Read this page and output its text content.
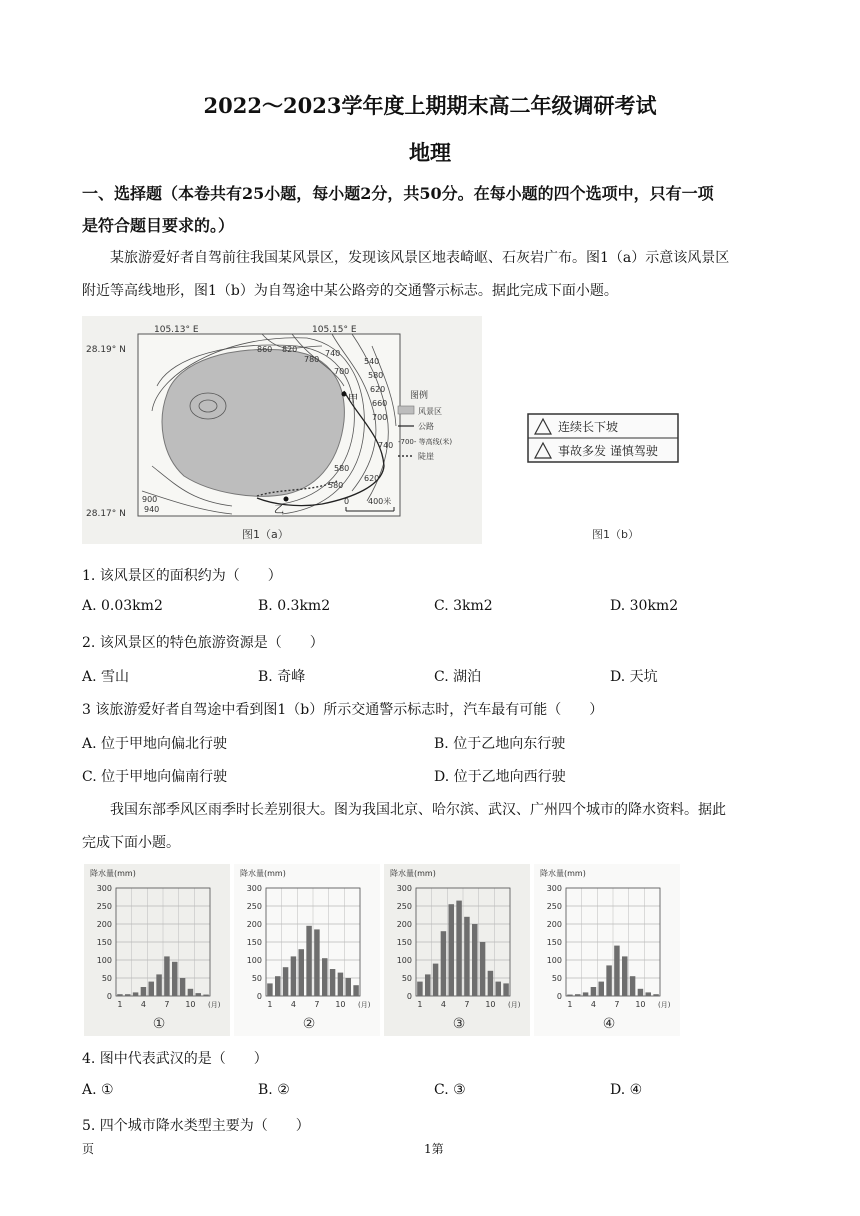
2022～2023学年度上期期末高二年级调研考试
地理
一、选择题（本卷共有25小题，每小题2分，共50分。在每小题的四个选项中，只有一项
是符合题目要求的。）
某旅游爱好者自驾前往我国某风景区，发现该风景区地表崎岖、石灰岩广布。图1（a）示意该风景区
附近等高线地形，图1（b）为自驾途中某公路旁的交通警示标志。据此完成下面小题。
860 820
780
740
700
540
580
620
660
700
740
620
580
580
900
940
甲
乙
105.13° E	105.15° E
28.19° N
28.17° N
图例
风景区
公路
-700- 等高线(米)
陡崖
0 400米
图1（a）
连续长下坡
事故多发 谨慎驾驶
图1（b）
1. 该风景区的面积约为（　　）
A. 0.03km2	B. 0.3km2	C. 3km2	D. 30km2
2. 该风景区的特色旅游资源是（　　）
A. 雪山	B. 奇峰	C. 湖泊	D. 天坑
3 该旅游爱好者自驾途中看到图1（b）所示交通警示标志时，汽车最有可能（　　）
A. 位于甲地向偏北行驶	B. 位于乙地向东行驶
C. 位于甲地向偏南行驶	D. 位于乙地向西行驶
我国东部季风区雨季时长差别很大。图为我国北京、哈尔滨、武汉、广州四个城市的降水资料。据此
完成下面小题。
降水量(mm)
0
50
100
150
200
250
300
1 4 7 10 (月)
①
降水量(mm)
0
50
100
150
200
250
300
1 4 7 10 (月)
②
降水量(mm)
0
50
100
150
200
250
300
1 4 7 10 (月)
③
降水量(mm)
0
50
100
150
200
250
300
1 4 7 10 (月)
④
4. 图中代表武汉的是（　　）
A. ①	B. ②	C. ③	D. ④
5. 四个城市降水类型主要为（　　）
页	1第
